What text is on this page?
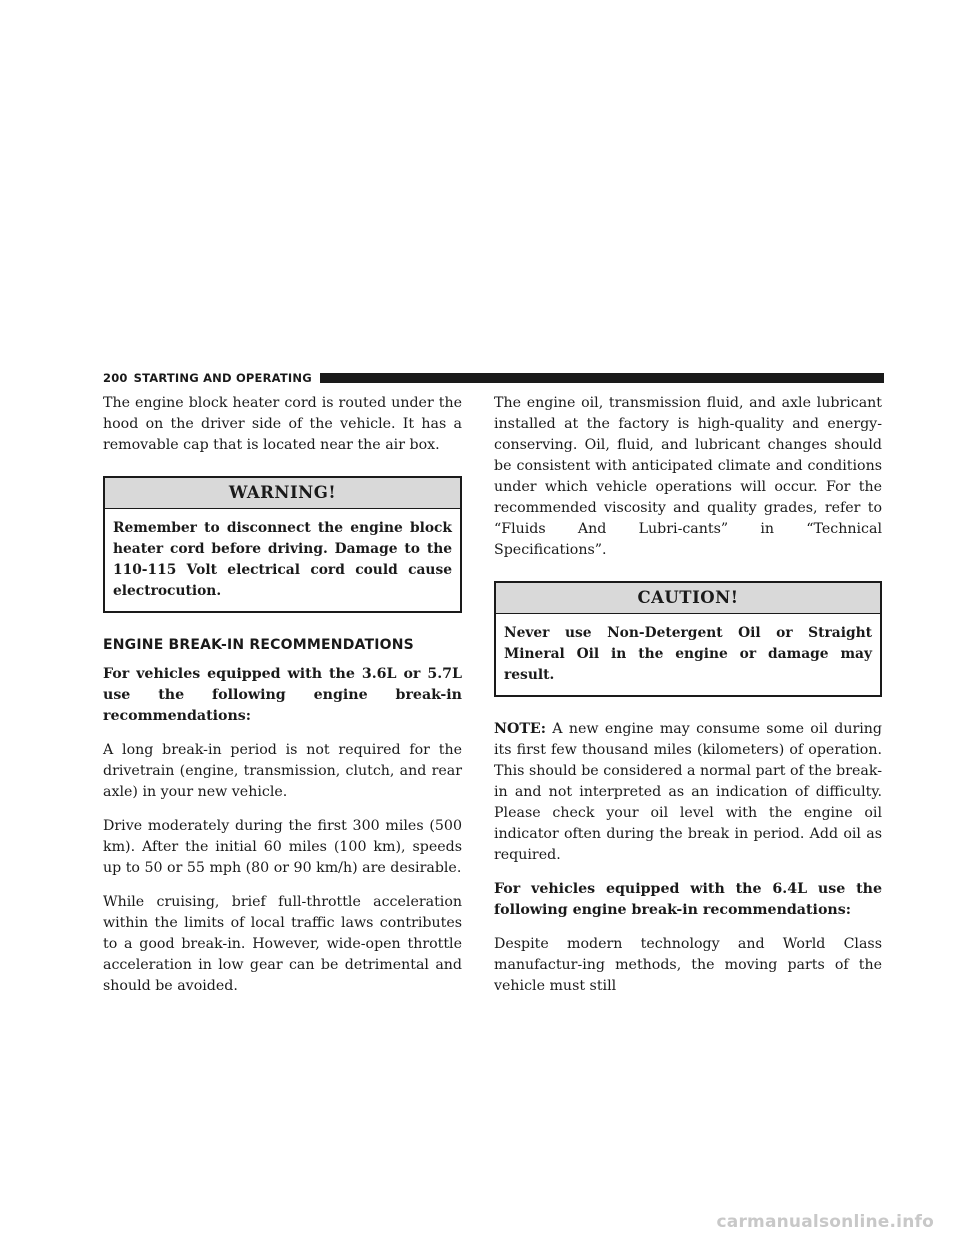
200 STARTING AND OPERATING

The engine block heater cord is routed under the hood on the driver side of the vehicle. It has a removable cap that is located near the air box.

WARNING!
Remember to disconnect the engine block heater cord before driving. Damage to the 110-115 Volt electrical cord could cause electrocution.
ENGINE BREAK-IN RECOMMENDATIONS

For vehicles equipped with the 3.6L or 5.7L use the following engine break-in recommendations:

A long break-in period is not required for the drivetrain (engine, transmission, clutch, and rear axle) in your new vehicle.

Drive moderately during the first 300 miles (500 km). After the initial 60 miles (100 km), speeds up to 50 or 55 mph (80 or 90 km/h) are desirable.

While cruising, brief full-throttle acceleration within the limits of local traffic laws contributes to a good break-in. However, wide-open throttle acceleration in low gear can be detrimental and should be avoided.

The engine oil, transmission fluid, and axle lubricant installed at the factory is high-quality and energy-conserving. Oil, fluid, and lubricant changes should be consistent with anticipated climate and conditions under which vehicle operations will occur. For the recommended viscosity and quality grades, refer to “Fluids And Lubri-cants” in “Technical Specifications”.

CAUTION!
Never use Non-Detergent Oil or Straight Mineral Oil in the engine or damage may result.

NOTE: A new engine may consume some oil during its first few thousand miles (kilometers) of operation. This should be considered a normal part of the break-in and not interpreted as an indication of difficulty. Please check your oil level with the engine oil indicator often during the break in period. Add oil as required.

For vehicles equipped with the 6.4L use the following engine break-in recommendations:

Despite modern technology and World Class manufactur-ing methods, the moving parts of the vehicle must still

carmanualsonline.info
